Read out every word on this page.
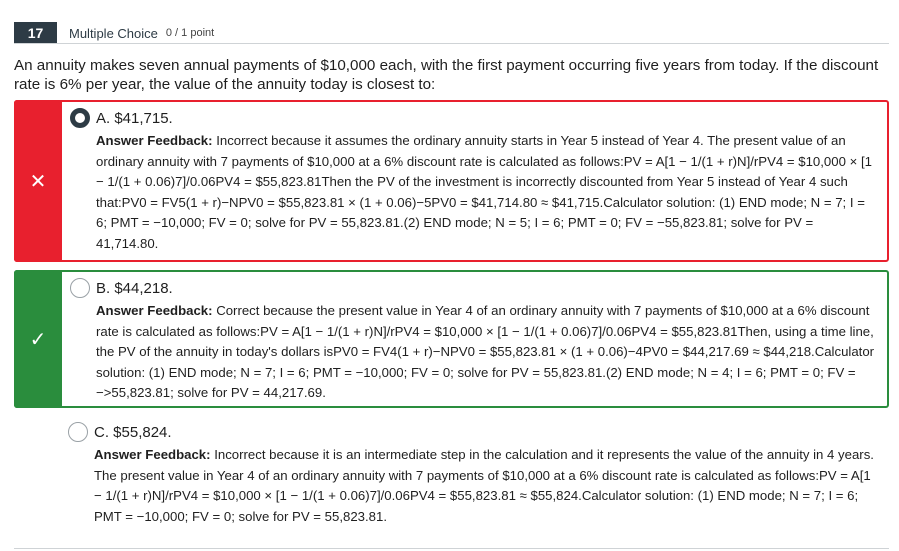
17	Multiple Choice 0 / 1 point
An annuity makes seven annual payments of $10,000 each, with the first payment occurring five years from today. If the discount rate is 6% per year, the value of the annuity today is closest to:
✕
A. $41,715.
Answer Feedback: Incorrect because it assumes the ordinary annuity starts in Year 5 instead of Year 4. The present value of an ordinary annuity with 7 payments of $10,000 at a 6% discount rate is calculated as follows:PV = A[1 − 1/(1 + r)N]/rPV4 = $10,000 × [1 − 1/(1 + 0.06)7]/0.06PV4 = $55,823.81Then the PV of the investment is incorrectly discounted from Year 5 instead of Year 4 such that:PV0 = FV5(1 + r)−NPV0 = $55,823.81 × (1 + 0.06)−5PV0 = $41,714.80 ≈ $41,715.Calculator solution: (1) END mode; N = 7; I = 6; PMT = −10,000; FV = 0; solve for PV = 55,823.81.(2) END mode; N = 5; I = 6; PMT = 0; FV = −55,823.81; solve for PV = 41,714.80.
✓
B. $44,218.
Answer Feedback: Correct because the present value in Year 4 of an ordinary annuity with 7 payments of $10,000 at a 6% discount rate is calculated as follows:PV = A[1 − 1/(1 + r)N]/rPV4 = $10,000 × [1 − 1/(1 + 0.06)7]/0.06PV4 = $55,823.81Then, using a time line, the PV of the annuity in today's dollars isPV0 = FV4(1 + r)−NPV0 = $55,823.81 × (1 + 0.06)−4PV0 = $44,217.69 ≈ $44,218.Calculator solution: (1) END mode; N = 7; I = 6; PMT = −10,000; FV = 0; solve for PV = 55,823.81.(2) END mode; N = 4; I = 6; PMT = 0; FV = −>55,823.81; solve for PV = 44,217.69.
C. $55,824.
Answer Feedback: Incorrect because it is an intermediate step in the calculation and it represents the value of the annuity in 4 years. The present value in Year 4 of an ordinary annuity with 7 payments of $10,000 at a 6% discount rate is calculated as follows:PV = A[1 − 1/(1 + r)N]/rPV4 = $10,000 × [1 − 1/(1 + 0.06)7]/0.06PV4 = $55,823.81 ≈ $55,824.Calculator solution: (1) END mode; N = 7; I = 6; PMT = −10,000; FV = 0; solve for PV = 55,823.81.
